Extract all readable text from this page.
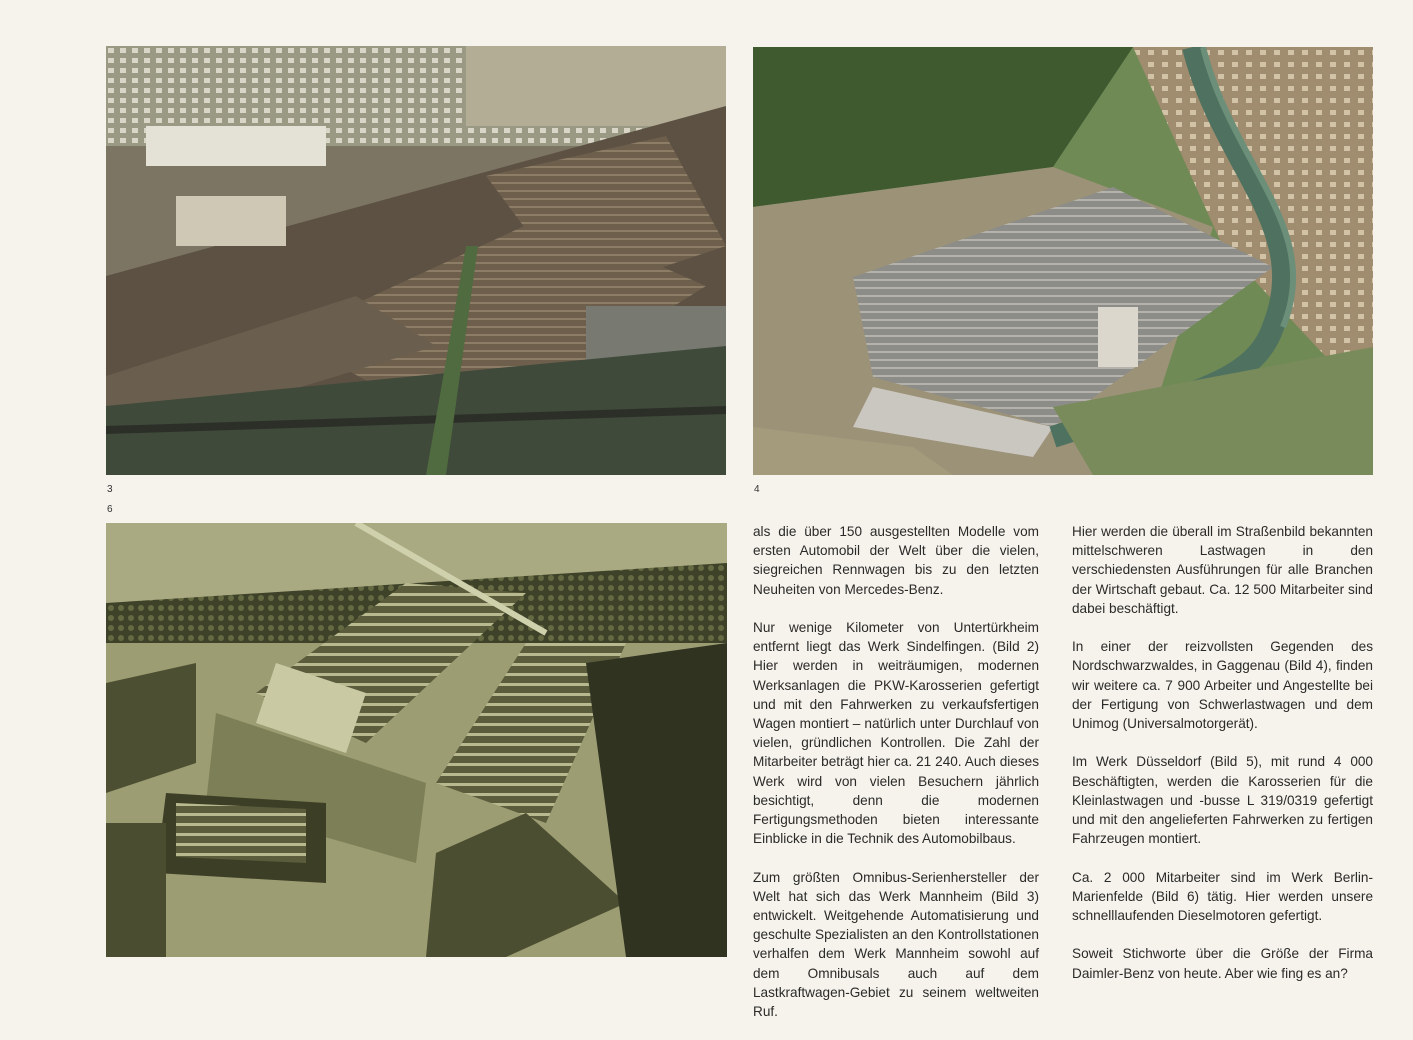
3	4
6

als die über 150 ausgestellten Modelle vom ersten Automobil der Welt über die vielen, siegreichen Rennwagen bis zu den letzten Neuheiten von Mercedes-Benz.

Nur wenige Kilometer von Untertürkheim entfernt liegt das Werk Sindelfingen. (Bild 2) Hier werden in weiträumigen, modernen Werksanlagen die PKW-Karosserien gefertigt und mit den Fahrwerken zu verkaufsfertigen Wagen montiert – natürlich unter Durchlauf von vielen, gründlichen Kontrollen. Die Zahl der Mitarbeiter beträgt hier ca. 21 240. Auch dieses Werk wird von vielen Besuchern jährlich besichtigt, denn die modernen Fertigungsmethoden bieten interessante Einblicke in die Technik des Automobilbaus.

Zum größten Omnibus-Serienhersteller der Welt hat sich das Werk Mannheim (Bild 3) entwickelt. Weitgehende Automatisierung und geschulte Spezialisten an den Kontrollstationen verhalfen dem Werk Mannheim sowohl auf dem Omnibusals auch auf dem Lastkraftwagen-Gebiet zu seinem weltweiten Ruf.

Hier werden die überall im Straßenbild bekannten mittelschweren Lastwagen in den verschiedensten Ausführungen für alle Branchen der Wirtschaft gebaut. Ca. 12 500 Mitarbeiter sind dabei beschäftigt.

In einer der reizvollsten Gegenden des Nordschwarzwaldes, in Gaggenau (Bild 4), finden wir weitere ca. 7 900 Arbeiter und Angestellte bei der Fertigung von Schwerlastwagen und dem Unimog (Universalmotorgerät).

Im Werk Düsseldorf (Bild 5), mit rund 4 000 Beschäftigten, werden die Karosserien für die Kleinlastwagen und -busse L 319/0319 gefertigt und mit den angelieferten Fahrwerken zu fertigen Fahrzeugen montiert.

Ca. 2 000 Mitarbeiter sind im Werk Berlin-Marienfelde (Bild 6) tätig. Hier werden unsere schnelllaufenden Dieselmotoren gefertigt.

Soweit Stichworte über die Größe der Firma Daimler-Benz von heute. Aber wie fing es an?
